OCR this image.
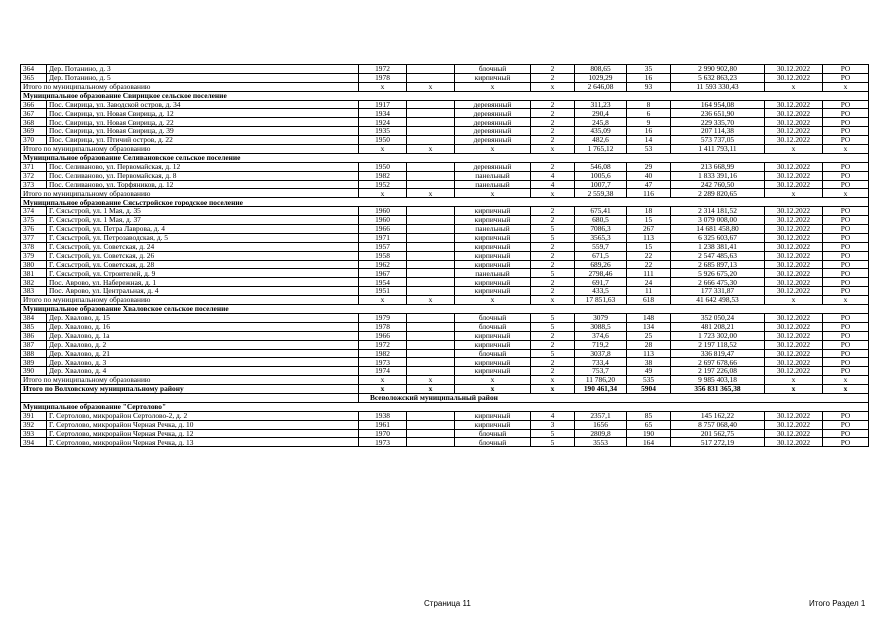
364	Дер. Потанино, д. 3	1972		блочный	2	808,65	35	2 990 902,80	30.12.2022	РО
365	Дер. Потанино, д. 5	1978		кирпичный	2	1029,29	16	5 632 863,23	30.12.2022	РО
Итого по муниципальному образованию		x	x	x	x	2 646,08	93	11 593 330,43	x	x
Муниципальное образование Свирицкое сельское поселение										
366	Пос. Свирица, ул. Заводской остров, д. 34	1917		деревянный	2	311,23	8	164 954,08	30.12.2022	РО
367	Пос. Свирица, ул. Новая Свирица, д. 12	1934		деревянный	2	290,4	6	236 651,90	30.12.2022	РО
368	Пос. Свирица, ул. Новая Свирица, д. 22	1924		деревянный	2	245,8	9	229 335,70	30.12.2022	РО
369	Пос. Свирица, ул. Новая Свирица, д. 39	1935		деревянный	2	435,09	16	207 114,38	30.12.2022	РО
370	Пос. Свирица, ул. Птичий остров, д. 22	1950		деревянный	2	482,6	14	573 737,05	30.12.2022	РО
Итого по муниципальному образованию		x	x	x	x	1 765,12	53	1 411 793,11	x	x
Муниципальное образование Селивановское сельское поселение										
371	Пос. Селиваново, ул. Первомайская, д. 12	1950		деревянный	2	546,08	29	213 668,99	30.12.2022	РО
372	Пос. Селиваново, ул. Первомайская, д. 8	1982		панельный	4	1005,6	40	1 833 391,16	30.12.2022	РО
373	Пос. Селиваново, ул. Торфяников, д. 12	1952		панельный	4	1007,7	47	242 760,50	30.12.2022	РО
Итого по муниципальному образованию		x	x	x	x	2 559,38	116	2 289 820,65	x	x
Муниципальное образование Сясьстройское городское поселение										
374	Г. Сясьстрой, ул. 1 Мая, д. 35	1960		кирпичный	2	675,41	18	2 314 181,52	30.12.2022	РО
375	Г. Сясьстрой, ул. 1 Мая, д. 37	1960		кирпичный	2	680,5	15	3 079 008,00	30.12.2022	РО
376	Г. Сясьстрой, ул. Петра Лаврова, д. 4	1966		панельный	5	7086,3	267	14 681 458,80	30.12.2022	РО
377	Г. Сясьстрой, ул. Петрозаводская, д. 5	1971		кирпичный	5	3565,3	113	6 325 603,67	30.12.2022	РО
378	Г. Сясьстрой, ул. Советская, д. 24	1957		кирпичный	2	559,7	15	1 238 381,41	30.12.2022	РО
379	Г. Сясьстрой, ул. Советская, д. 26	1958		кирпичный	2	671,5	22	2 547 485,63	30.12.2022	РО
380	Г. Сясьстрой, ул. Советская, д. 28	1962		кирпичный	2	689,26	22	2 685 897,13	30.12.2022	РО
381	Г. Сясьстрой, ул. Строителей, д. 9	1967		панельный	5	2798,46	111	5 926 675,20	30.12.2022	РО
382	Пос. Аврово, ул. Набережная, д. 1	1954		кирпичный	2	691,7	24	2 666 475,30	30.12.2022	РО
383	Пос. Аврово, ул. Центральная, д. 4	1951		кирпичный	2	433,5	11	177 331,87	30.12.2022	РО
Итого по муниципальному образованию		x	x	x	x	17 851,63	618	41 642 498,53	x	x
Муниципальное образование Хваловское сельское поселение										
384	Дер. Хвалово, д. 15	1979		блочный	5	3079	148	352 050,24	30.12.2022	РО
385	Дер. Хвалово, д. 16	1978		блочный	5	3088,5	134	481 208,21	30.12.2022	РО
386	Дер. Хвалово, д. 1а	1966		кирпичный	2	374,6	25	1 723 302,00	30.12.2022	РО
387	Дер. Хвалово, д. 2	1972		кирпичный	2	719,2	28	2 197 118,52	30.12.2022	РО
388	Дер. Хвалово, д. 21	1982		блочный	5	3037,8	113	336 819,47	30.12.2022	РО
389	Дер. Хвалово, д. 3	1973		кирпичный	2	733,4	38	2 697 678,66	30.12.2022	РО
390	Дер. Хвалово, д. 4	1974		кирпичный	2	753,7	49	2 197 226,08	30.12.2022	РО
Итого по муниципальному образованию		x	x	x	x	11 786,20	535	9 985 403,18	x	x
Итого по Волховскому муниципальному району		x	x	x	x	190 461,34	5904	356 831 365,38	x	x
		Всеволожский муниципальный район								
Муниципальное образование "Сертолово"										
391	Г. Сертолово, микрорайон Сертолово-2, д. 2	1938		кирпичный	4	2357,1	85	145 162,22	30.12.2022	РО
392	Г. Сертолово, микрорайон Черная Речка, д. 10	1961		кирпичный	3	1656	65	8 757 068,40	30.12.2022	РО
393	Г. Сертолово, микрорайон Черная Речка, д. 12	1970		блочный	5	2809,8	190	201 562,75	30.12.2022	РО
394	Г. Сертолово, микрорайон Черная Речка, д. 13	1973		блочный	5	3553	164	517 272,19	30.12.2022	РО
Страница 11	Итого Раздел 1
